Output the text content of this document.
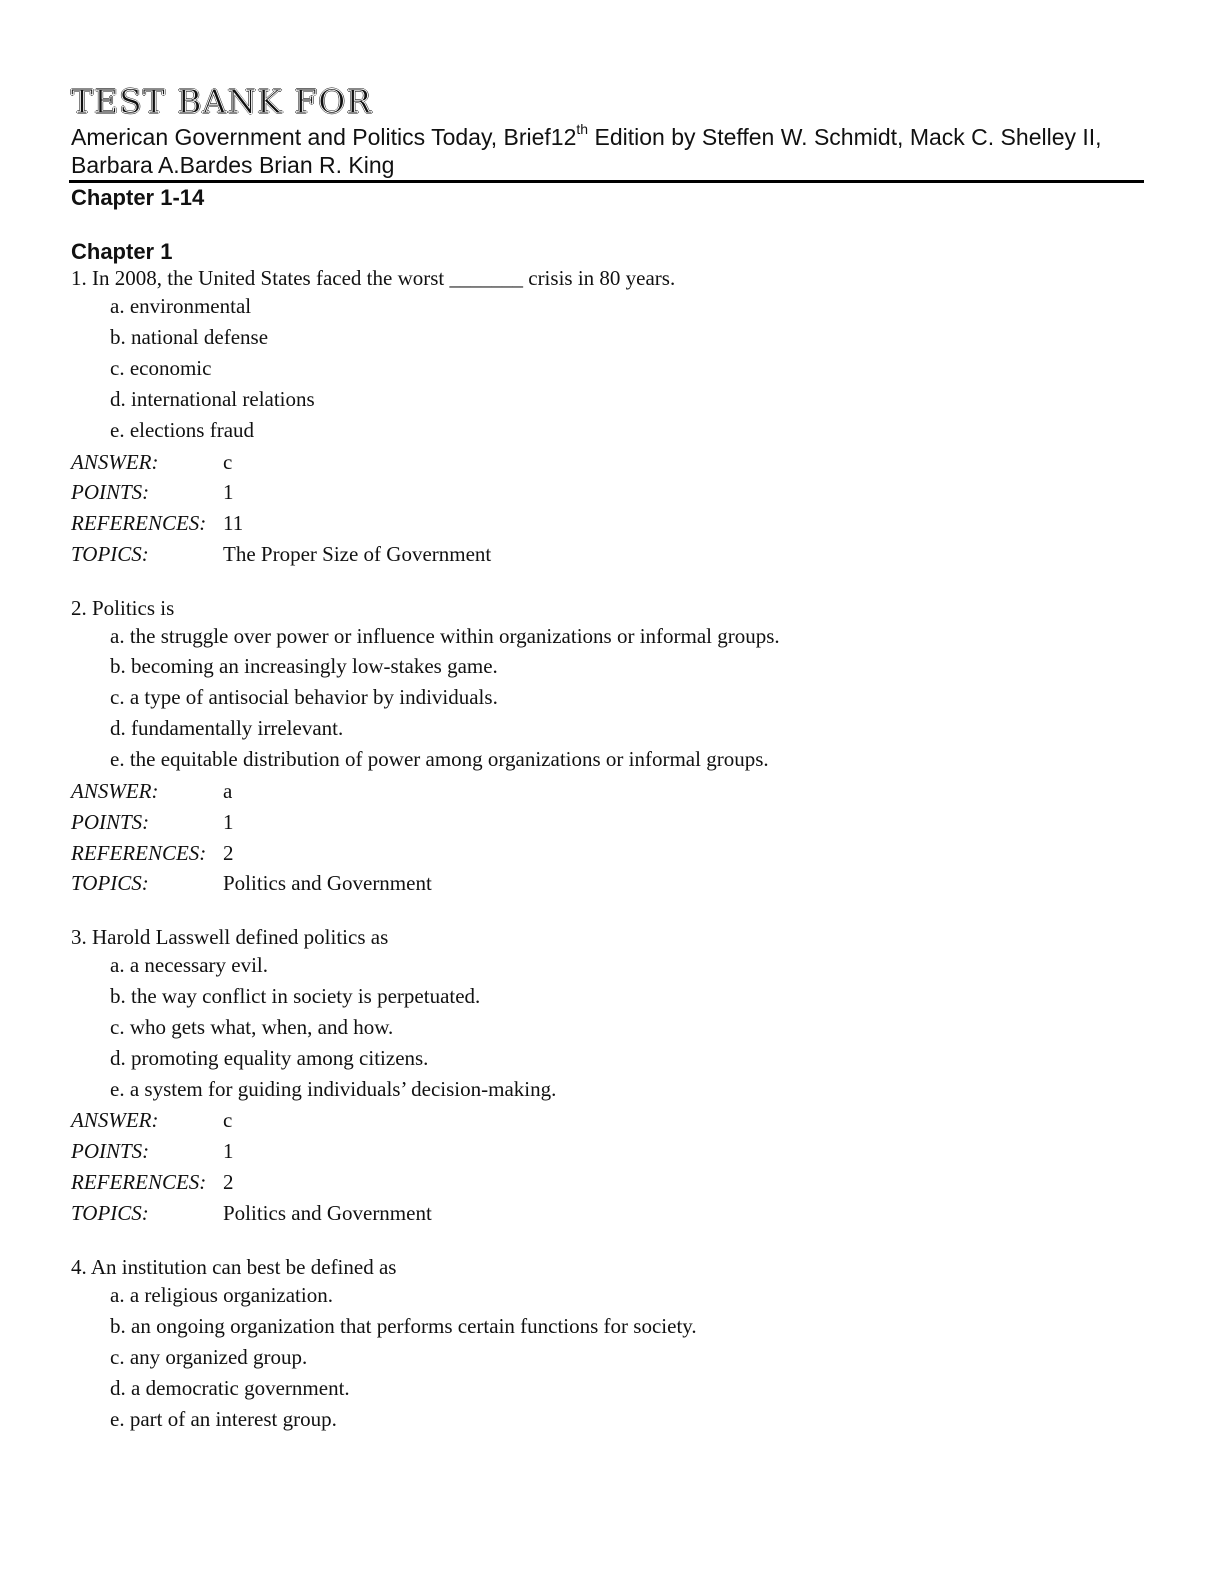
TEST BANK FOR
American Government and Politics Today, Brief12th Edition by Steffen W. Schmidt, Mack C. Shelley II, Barbara A.Bardes Brian R. King
Chapter 1-14
Chapter 1
1. In 2008, the United States faced the worst _______ crisis in 80 years.
a. environmental
b. national defense
c. economic
d. international relations
e. elections fraud
ANSWER:	c
POINTS:	1
REFERENCES: 11
TOPICS:	The Proper Size of Government
2. Politics is
a. the struggle over power or influence within organizations or informal groups.
b. becoming an increasingly low-stakes game.
c. a type of antisocial behavior by individuals.
d. fundamentally irrelevant.
e. the equitable distribution of power among organizations or informal groups.
ANSWER:	a
POINTS:	1
REFERENCES: 2
TOPICS:	Politics and Government
3. Harold Lasswell defined politics as
a. a necessary evil.
b. the way conflict in society is perpetuated.
c. who gets what, when, and how.
d. promoting equality among citizens.
e. a system for guiding individuals’ decision-making.
ANSWER:	c
POINTS:	1
REFERENCES: 2
TOPICS:	Politics and Government
4. An institution can best be defined as
a. a religious organization.
b. an ongoing organization that performs certain functions for society.
c. any organized group.
d. a democratic government.
e. part of an interest group.
